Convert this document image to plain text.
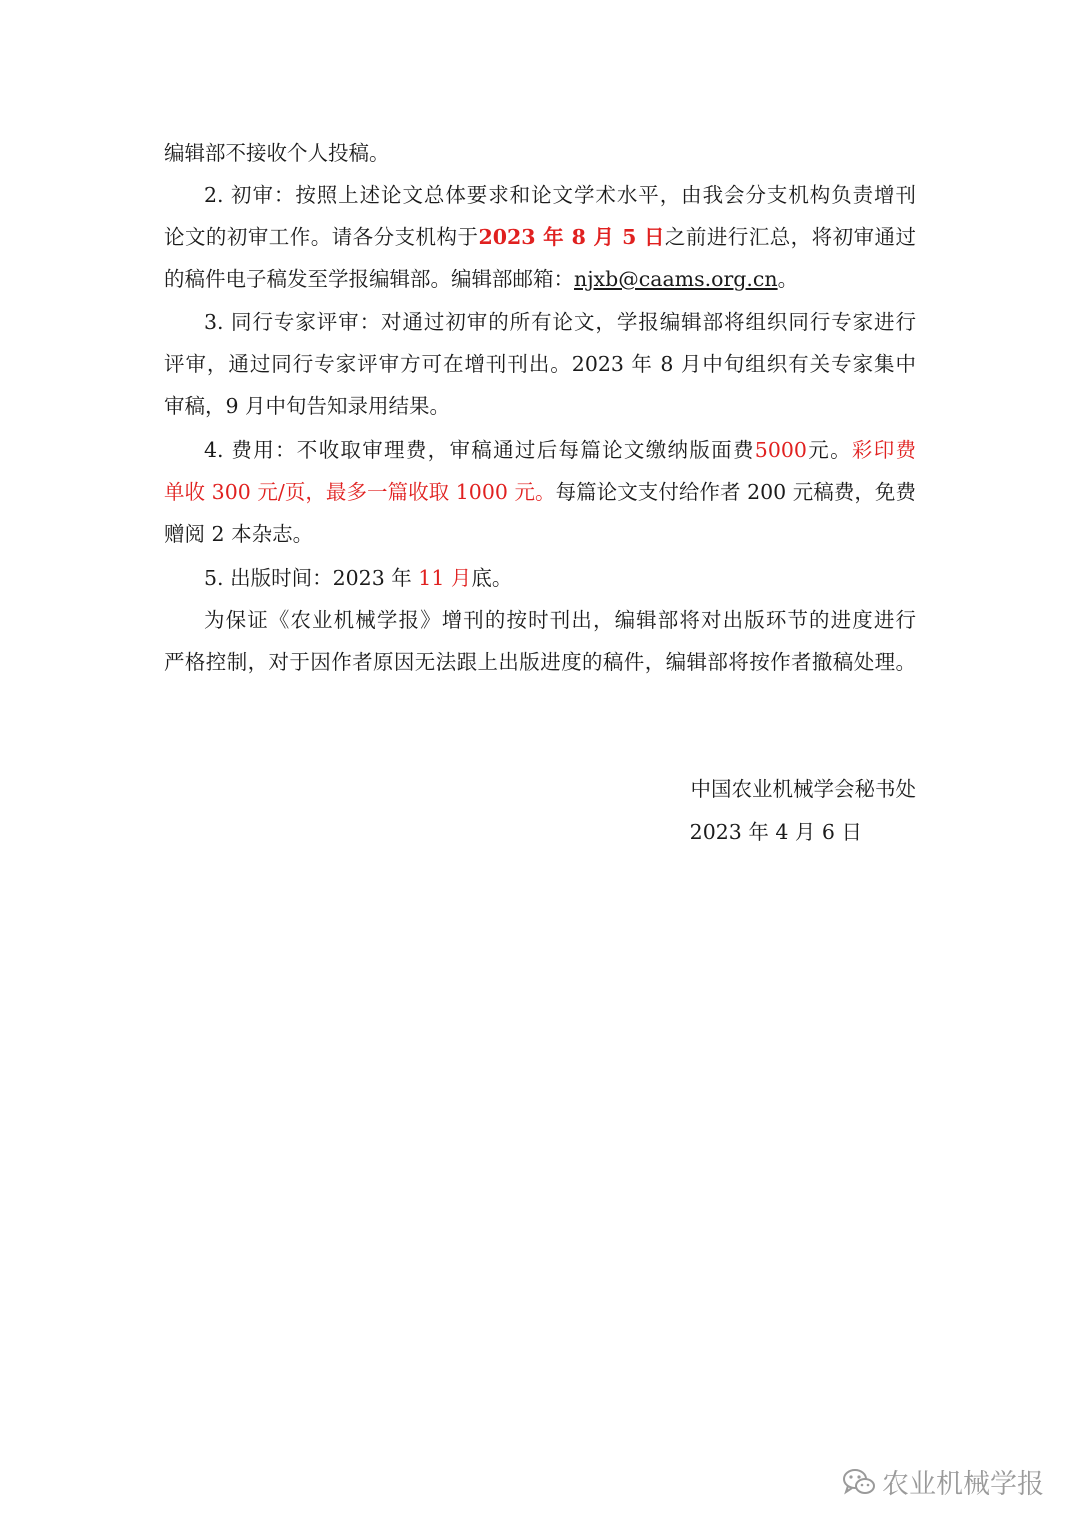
编辑部不接收个人投稿。
2. 初审：按照上述论文总体要求和论文学术水平，由我会分支机构负责增刊
论文的初审工作。请各分支机构于2023 年 8 月 5 日之前进行汇总，将初审通过
的稿件电子稿发至学报编辑部。编辑部邮箱：njxb@caams.org.cn。
3. 同行专家评审：对通过初审的所有论文，学报编辑部将组织同行专家进行
评审，通过同行专家评审方可在增刊刊出。2023 年 8 月中旬组织有关专家集中
审稿，9 月中旬告知录用结果。
4. 费用：不收取审理费，审稿通过后每篇论文缴纳版面费5000元。彩印费
单收 300 元/页，最多一篇收取 1000 元。每篇论文支付给作者 200 元稿费，免费
赠阅 2 本杂志。
5. 出版时间：2023 年 11 月底。
为保证《农业机械学报》增刊的按时刊出，编辑部将对出版环节的进度进行
严格控制，对于因作者原因无法跟上出版进度的稿件，编辑部将按作者撤稿处理。
中国农业机械学会秘书处
2023 年 4 月 6 日
农业机械学报
